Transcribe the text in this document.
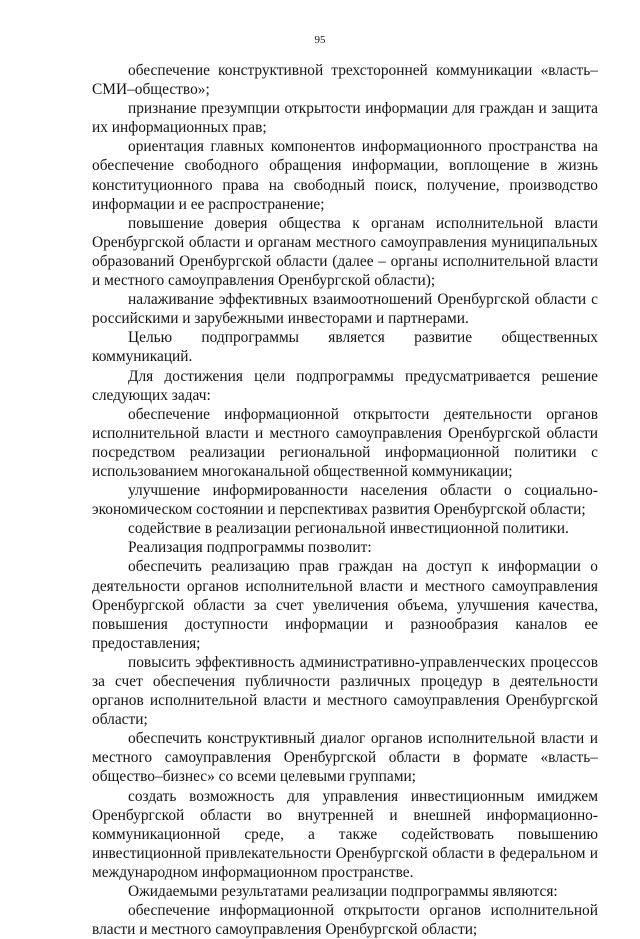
95

обеспечение конструктивной трехсторонней коммуникации «власть–СМИ–общество»;

признание презумпции открытости информации для граждан и защита их информационных прав;

ориентация главных компонентов информационного пространства на обеспечение свободного обращения информации, воплощение в жизнь конституционного права на свободный поиск, получение, производство информации и ее распространение;

повышение доверия общества к органам исполнительной власти Оренбургской области и органам местного самоуправления муниципальных образований Оренбургской области (далее – органы исполнительной власти и местного самоуправления Оренбургской области);

налаживание эффективных взаимоотношений Оренбургской области с российскими и зарубежными инвесторами и партнерами.

Целью подпрограммы является развитие общественных коммуникаций.

Для достижения цели подпрограммы предусматривается решение следующих задач:

обеспечение информационной открытости деятельности органов исполнительной власти и местного самоуправления Оренбургской области посредством реализации региональной информационной политики с использованием многоканальной общественной коммуникации;

улучшение информированности населения области о социально-экономическом состоянии и перспективах развития Оренбургской области;

содействие в реализации региональной инвестиционной политики.

Реализация подпрограммы позволит:

обеспечить реализацию прав граждан на доступ к информации о деятельности органов исполнительной власти и местного самоуправления Оренбургской области за счет увеличения объема, улучшения качества, повышения доступности информации и разнообразия каналов ее предоставления;

повысить эффективность административно-управленческих процессов за счет обеспечения публичности различных процедур в деятельности органов исполнительной власти и местного самоуправления Оренбургской области;

обеспечить конструктивный диалог органов исполнительной власти и местного самоуправления Оренбургской области в формате «власть–общество–бизнес» со всеми целевыми группами;

создать возможность для управления инвестиционным имиджем Оренбургской области во внутренней и внешней информационно-коммуникационной среде, а также содействовать повышению инвестиционной привлекательности Оренбургской области в федеральном и международном информационном пространстве.

Ожидаемыми результатами реализации подпрограммы являются:

обеспечение информационной открытости органов исполнительной власти и местного самоуправления Оренбургской области;
